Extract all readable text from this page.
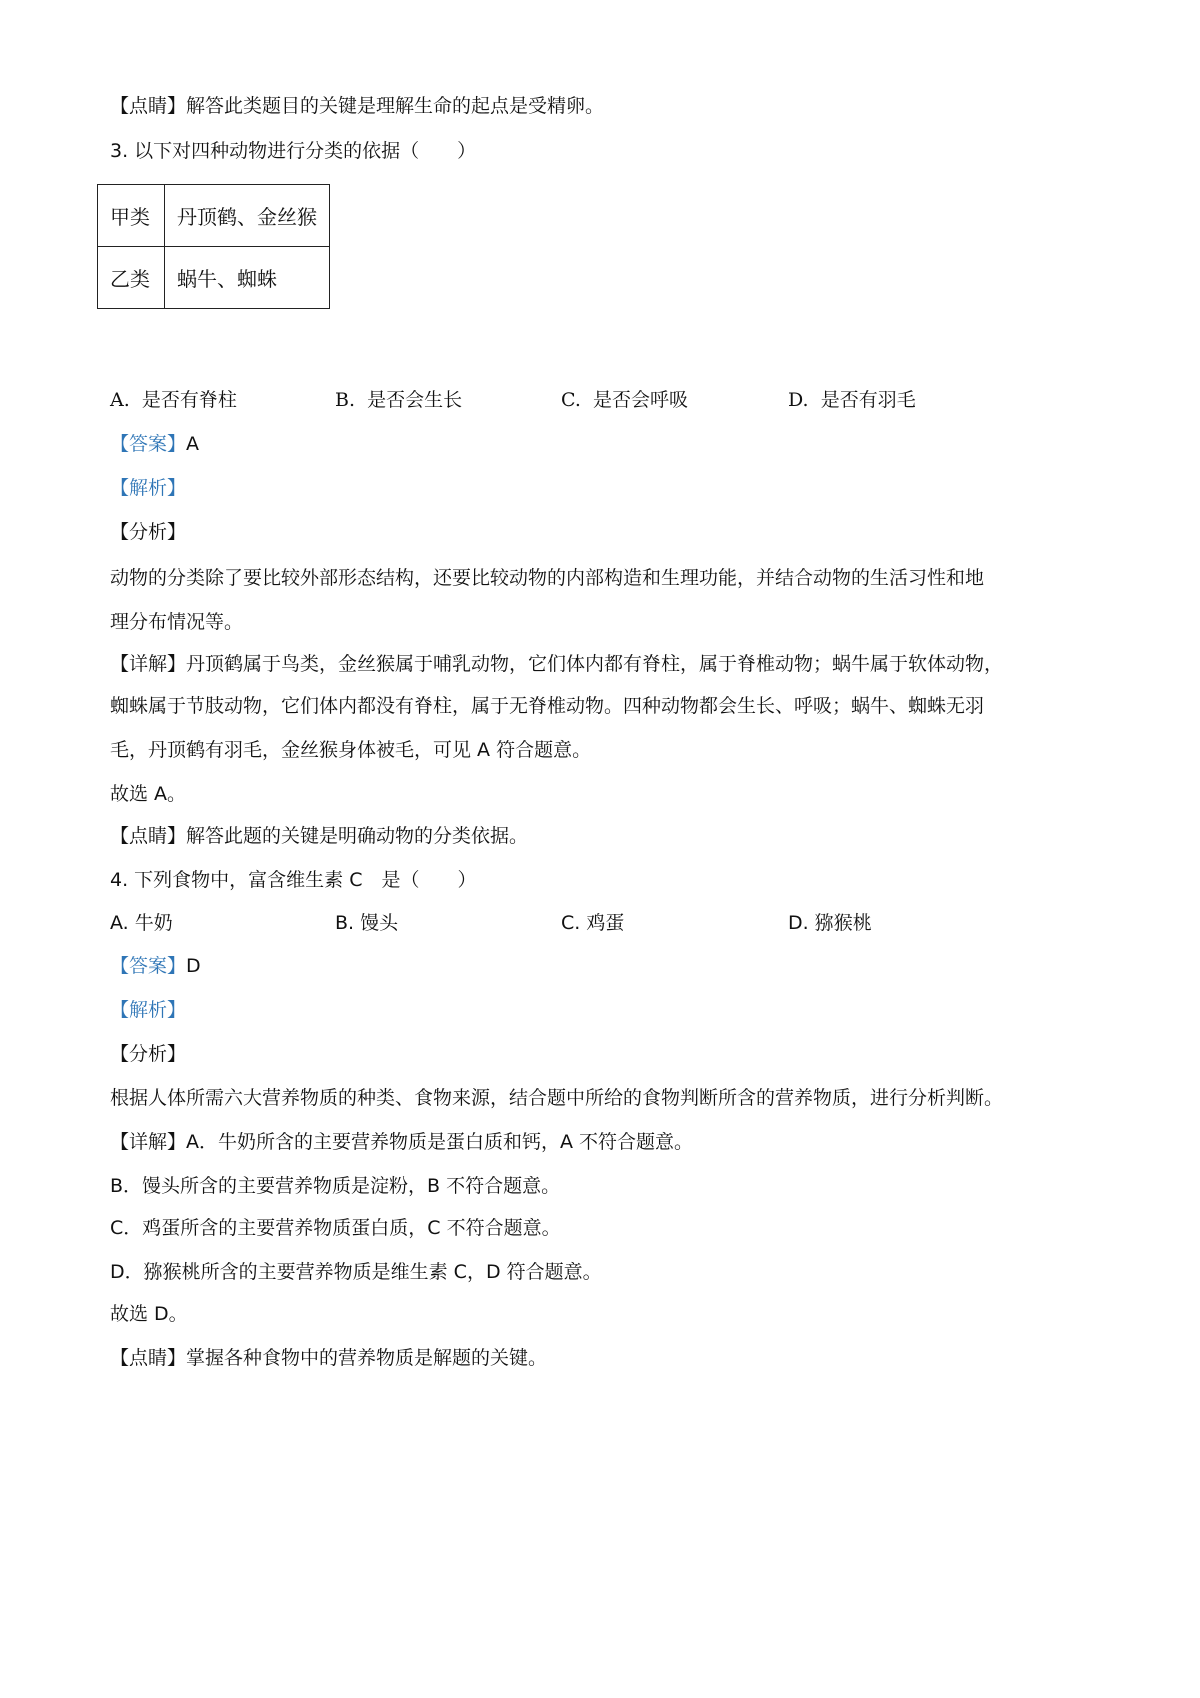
【点睛】解答此类题目的关键是理解生命的起点是受精卵。
3. 以下对四种动物进行分类的依据（　　）
甲类	丹顶鹤、金丝猴
乙类	蜗牛、蜘蛛
A. 是否有脊柱	B. 是否会生长	C. 是否会呼吸	D. 是否有羽毛
【答案】A
【解析】
【分析】
动物的分类除了要比较外部形态结构，还要比较动物的内部构造和生理功能，并结合动物的生活习性和地
理分布情况等。
【详解】丹顶鹤属于鸟类，金丝猴属于哺乳动物，它们体内都有脊柱，属于脊椎动物；蜗牛属于软体动物，
蜘蛛属于节肢动物，它们体内都没有脊柱，属于无脊椎动物。四种动物都会生长、呼吸；蜗牛、蜘蛛无羽
毛，丹顶鹤有羽毛，金丝猴身体被毛，可见 A 符合题意。
故选 A。
【点睛】解答此题的关键是明确动物的分类依据。
4. 下列食物中，富含维生素 C　是（　　）
A. 牛奶	B. 馒头	C. 鸡蛋	D. 猕猴桃
【答案】D
【解析】
【分析】
根据人体所需六大营养物质的种类、食物来源，结合题中所给的食物判断所含的营养物质，进行分析判断。
【详解】A．牛奶所含的主要营养物质是蛋白质和钙，A 不符合题意。
B．馒头所含的主要营养物质是淀粉，B 不符合题意。
C．鸡蛋所含的主要营养物质蛋白质，C 不符合题意。
D．猕猴桃所含的主要营养物质是维生素 C，D 符合题意。
故选 D。
【点睛】掌握各种食物中的营养物质是解题的关键。
